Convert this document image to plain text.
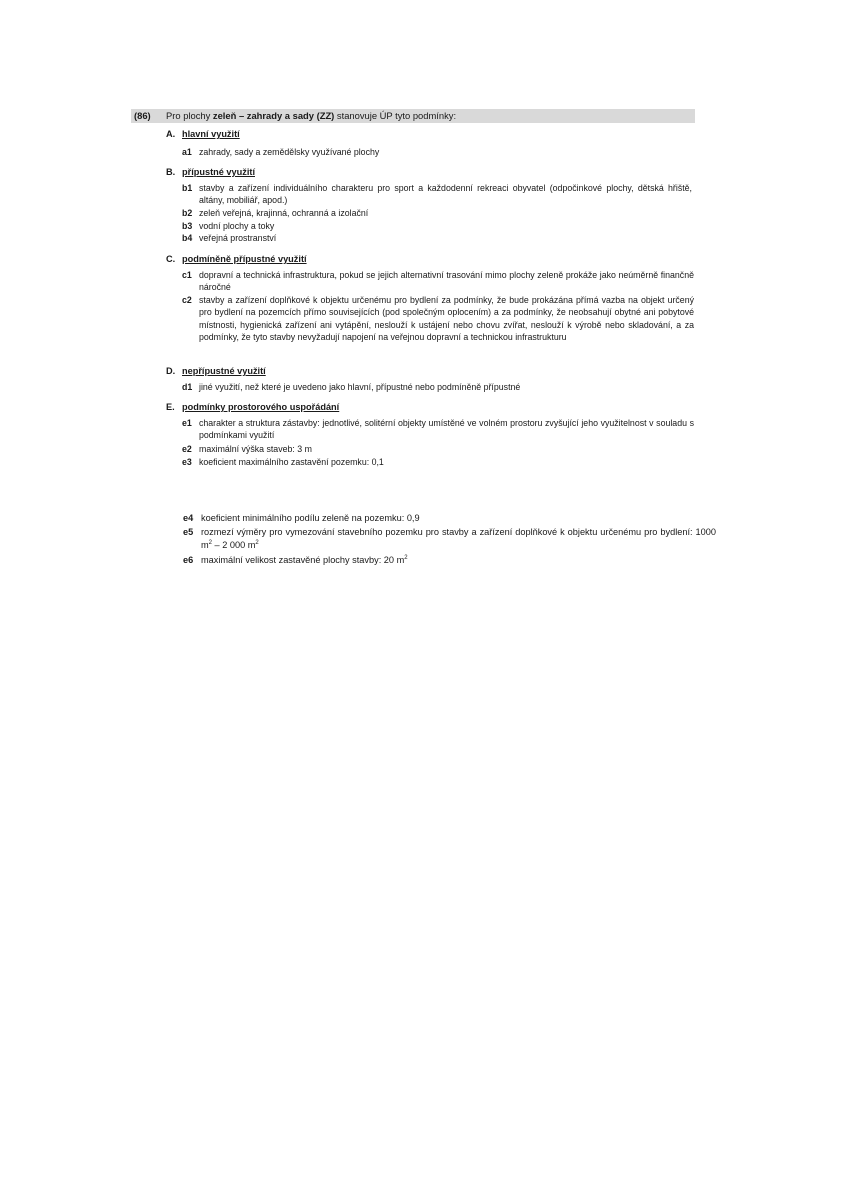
(86) Pro plochy zeleň – zahrady a sady (ZZ) stanovuje ÚP tyto podmínky:
A. hlavní využití
a1 zahrady, sady a zemědělsky využívané plochy
B. přípustné využití
b1 stavby a zařízení individuálního charakteru pro sport a každodenní rekreaci obyvatel (odpočinkové plochy, dětská hřiště, altány, mobiliář, apod.)
b2 zeleň veřejná, krajinná, ochranná a izolační
b3 vodní plochy a toky
b4 veřejná prostranství
C. podmíněně přípustné využití
c1 dopravní a technická infrastruktura, pokud se jejich alternativní trasování mimo plochy zeleně prokáže jako neúměrně finančně náročné
c2 stavby a zařízení doplňkové k objektu určenému pro bydlení za podmínky, že bude prokázána přímá vazba na objekt určený pro bydlení na pozemcích přímo souvisejících (pod společným oplocením) a za podmínky, že neobsahují obytné ani pobytové místnosti, hygienická zařízení ani vytápění, neslouží k ustájení nebo chovu zvířat, neslouží k výrobě nebo skladování, a za podmínky, že tyto stavby nevyžadují napojení na veřejnou dopravní a technickou infrastrukturu
D. nepřípustné využití
d1 jiné využití, než které je uvedeno jako hlavní, přípustné nebo podmíněně přípustné
E. podmínky prostorového uspořádání
e1 charakter a struktura zástavby: jednotlivé, solitérní objekty umístěné ve volném prostoru zvyšující jeho využitelnost v souladu s podmínkami využití
e2 maximální výška staveb: 3 m
e3 koeficient maximálního zastavění pozemku: 0,1
e4 koeficient minimálního podílu zeleně na pozemku: 0,9
e5 rozmezí výměry pro vymezování stavebního pozemku pro stavby a zařízení doplňkové k objektu určenému pro bydlení: 1000 $m^2 - 2$ 000 $m^2$
e6 maximální velikost zastavěné plochy stavby: 20 $m^2$
